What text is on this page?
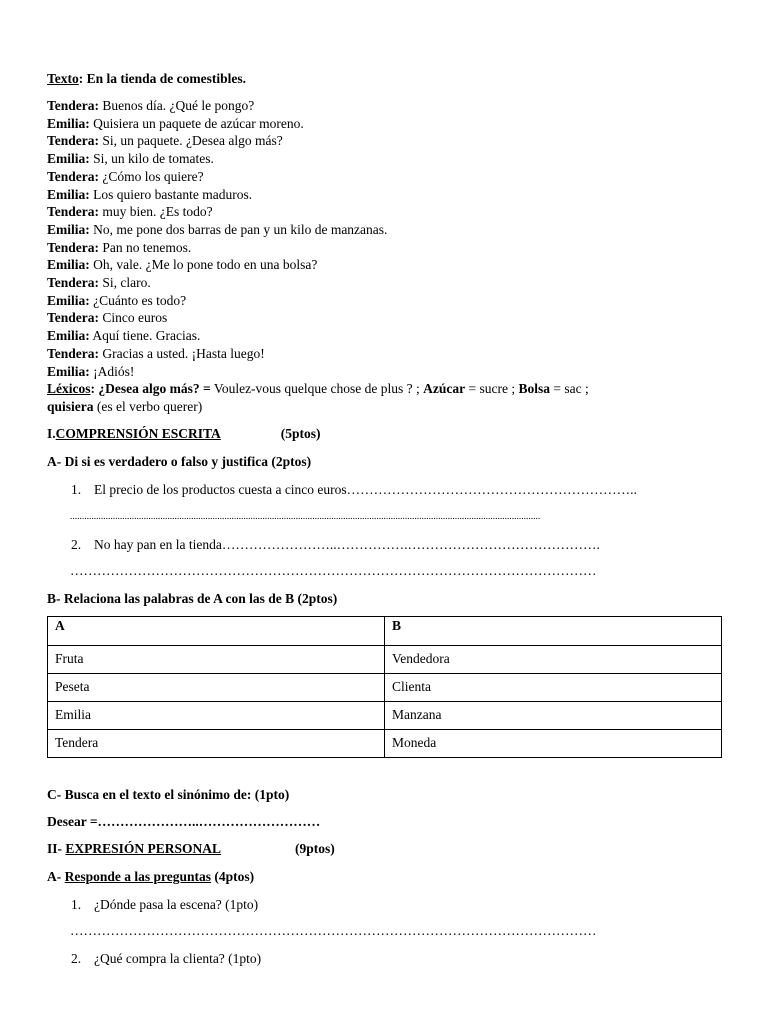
Texto: En la tienda de comestibles.
Tendera: Buenos día. ¿Qué le pongo?
Emilia: Quisiera un paquete de azúcar moreno.
Tendera: Si, un paquete. ¿Desea algo más?
Emilia: Si, un kilo de tomates.
Tendera: ¿Cómo los quiere?
Emilia: Los quiero bastante maduros.
Tendera: muy bien. ¿Es todo?
Emilia: No, me pone dos barras de pan y un kilo de manzanas.
Tendera: Pan no tenemos.
Emilia: Oh, vale. ¿Me lo pone todo en una bolsa?
Tendera: Si, claro.
Emilia: ¿Cuánto es todo?
Tendera: Cinco euros
Emilia: Aquí tiene. Gracias.
Tendera: Gracias a usted. ¡Hasta luego!
Emilia: ¡Adiós!
Léxicos: ¿Desea algo más? = Voulez-vous quelque chose de plus ? ; Azúcar = sucre ; Bolsa = sac ;
quisiera (es el verbo querer)
I.COMPRENSIÓN ESCRITA	(5ptos)
A- Di si es verdadero o falso y justifica (2ptos)
1. El precio de los productos cuesta a cinco euros………………………………………………………..
......................................................................................................................................................................................................
2. No hay pan en la tienda……………………..…………….…………………………………….
………………………………………………………………………………………………………
B- Relaciona las palabras de A con las de B (2ptos)
A	B
Fruta	Vendedora
Peseta	Clienta
Emilia	Manzana
Tendera	Moneda
C- Busca en el texto el sinónimo de: (1pto)
Desear =…………………..………………………
II- EXPRESIÓN PERSONAL	(9ptos)
A- Responde a las preguntas (4ptos)
1. ¿Dónde pasa la escena? (1pto)
………………………………………………………………………………………………………
2. ¿Qué compra la clienta? (1pto)
